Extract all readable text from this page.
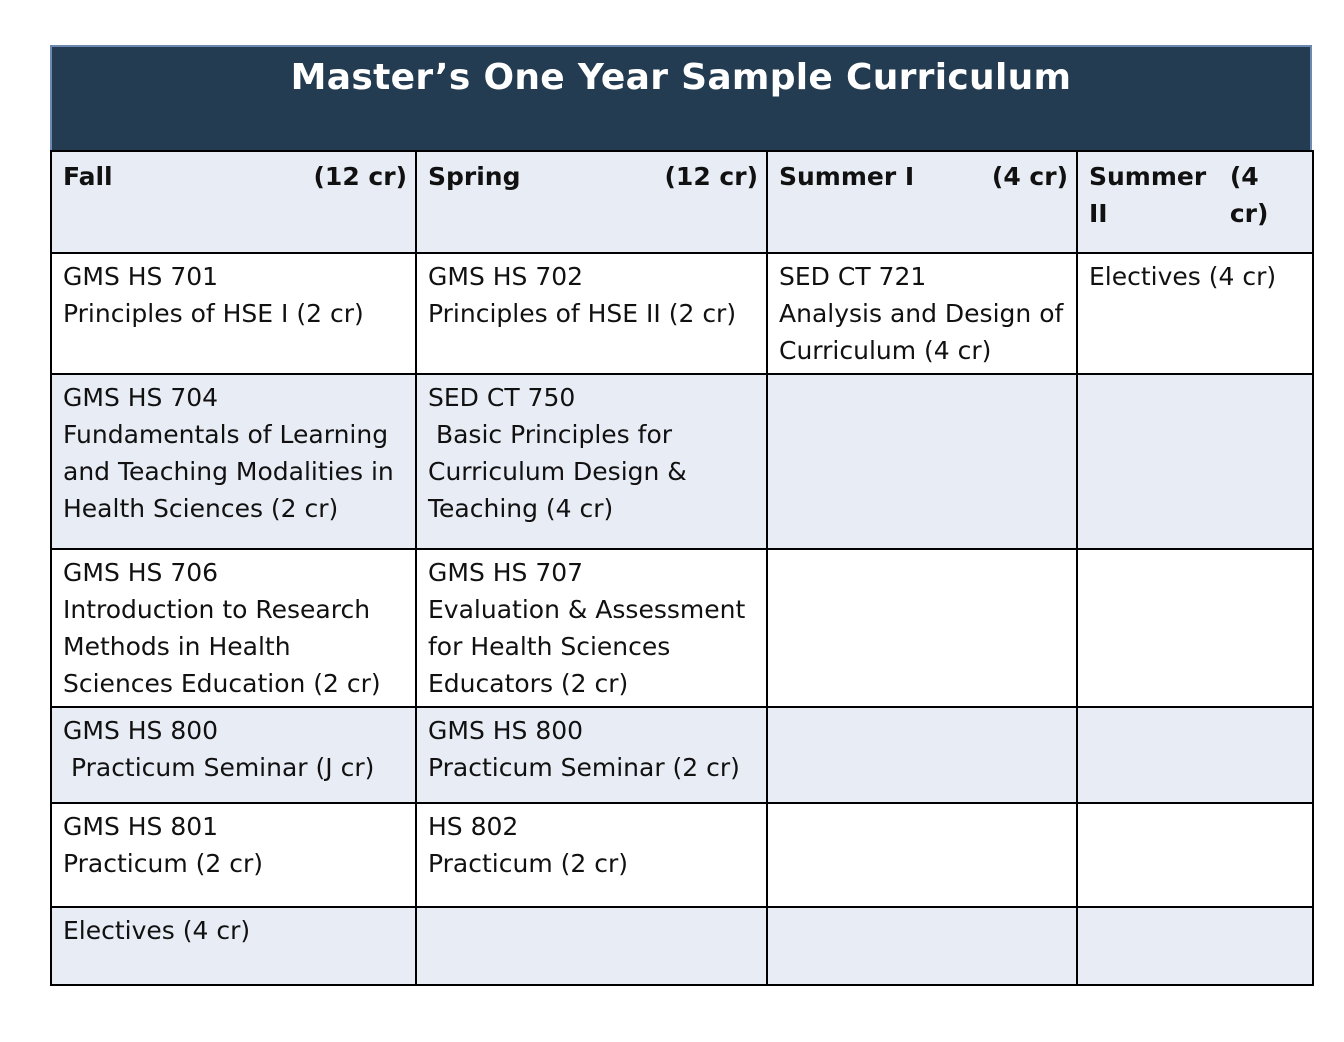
Master’s One Year Sample Curriculum
Fall (12 cr)	Spring (12 cr)	Summer I (4 cr)	Summer II
(4 cr)

GMS HS 701
Principles of HSE I (2 cr)	GMS HS 702
Principles of HSE II (2 cr)	SED CT 721
Analysis and Design of Curriculum (4 cr)	Electives (4 cr)

GMS HS 704
Fundamentals of Learning and Teaching Modalities in Health Sciences (2 cr)	SED CT 750
Basic Principles for Curriculum Design & Teaching (4 cr)		

GMS HS 706
Introduction to Research Methods in Health Sciences Education (2 cr)	GMS HS 707
Evaluation & Assessment for Health Sciences Educators (2 cr)		

GMS HS 800
Practicum Seminar (J cr)	GMS HS 800
Practicum Seminar (2 cr)		

GMS HS 801
Practicum (2 cr)	HS 802
Practicum (2 cr)		

Electives (4 cr)			
